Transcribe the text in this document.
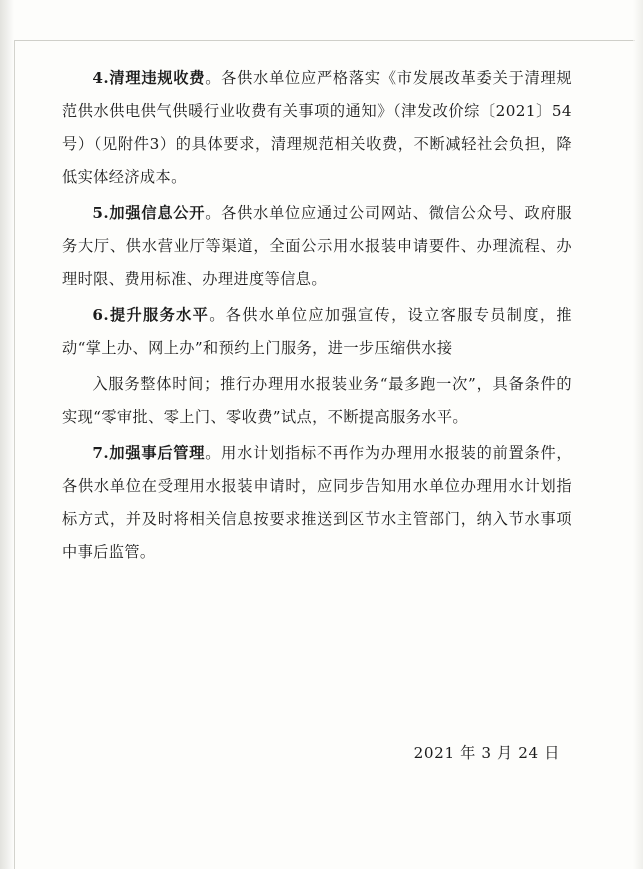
4.清理违规收费。各供水单位应严格落实《市发展改革委关于清理规范供水供电供气供暖行业收费有关事项的通知》（津发改价综〔2021〕54号）（见附件3）的具体要求，清理规范相关收费，不断减轻社会负担，降低实体经济成本。

5.加强信息公开。各供水单位应通过公司网站、微信公众号、政府服务大厅、供水营业厅等渠道，全面公示用水报装申请要件、办理流程、办理时限、费用标准、办理进度等信息。

6.提升服务水平。各供水单位应加强宣传，设立客服专员制度，推动“掌上办、网上办”和预约上门服务，进一步压缩供水接

入服务整体时间；推行办理用水报装业务“最多跑一次”，具备条件的实现“零审批、零上门、零收费”试点，不断提高服务水平。

7.加强事后管理。用水计划指标不再作为办理用水报装的前置条件，各供水单位在受理用水报装申请时，应同步告知用水单位办理用水计划指标方式，并及时将相关信息按要求推送到区节水主管部门，纳入节水事项中事后监管。

2021 年 3 月 24 日
